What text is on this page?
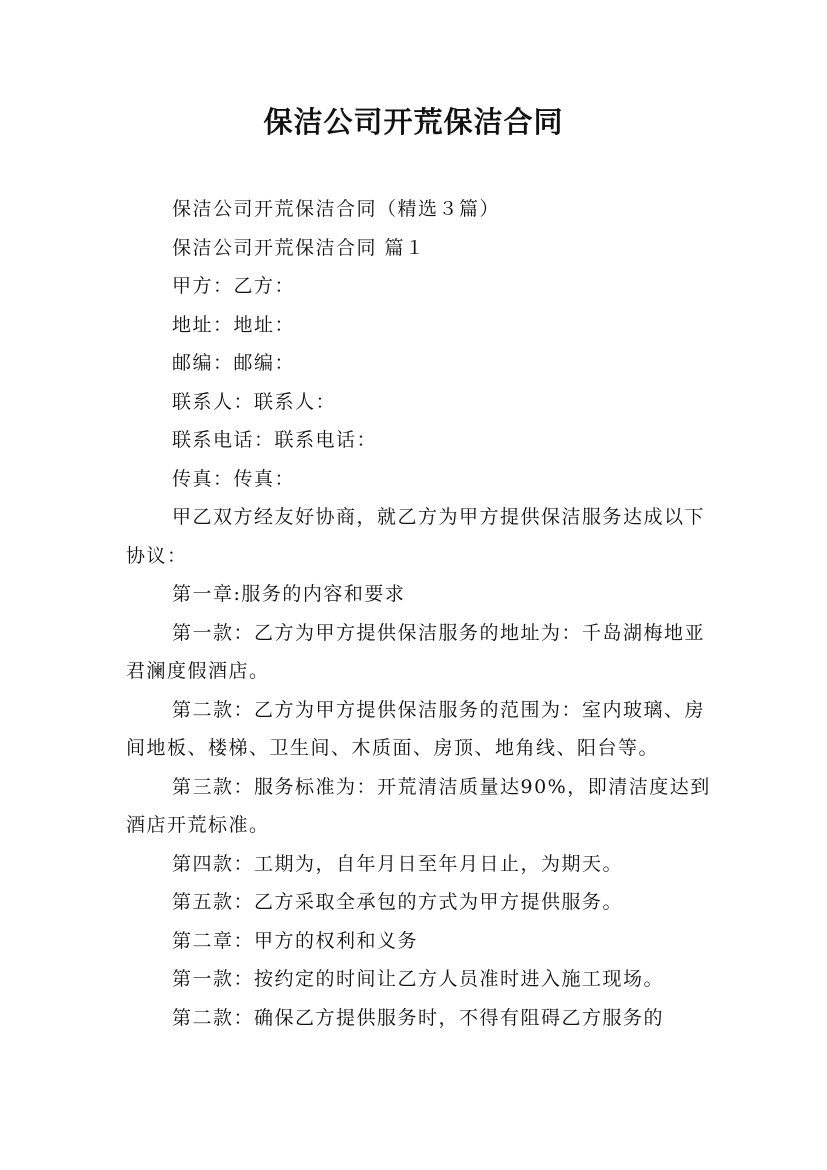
保洁公司开荒保洁合同

保洁公司开荒保洁合同（精选３篇）

保洁公司开荒保洁合同 篇１

甲方：乙方：

地址：地址：

邮编：邮编：

联系人：联系人：

联系电话：联系电话：

传真：传真：

甲乙双方经友好协商，就乙方为甲方提供保洁服务达成以下协议：

第一章:服务的内容和要求

第一款：乙方为甲方提供保洁服务的地址为：千岛湖梅地亚君澜度假酒店。

第二款：乙方为甲方提供保洁服务的范围为：室内玻璃、房间地板、楼梯、卫生间、木质面、房顶、地角线、阳台等。

第三款：服务标准为：开荒清洁质量达90%，即清洁度达到酒店开荒标准。

第四款：工期为，自年月日至年月日止，为期天。

第五款：乙方采取全承包的方式为甲方提供服务。

第二章：甲方的权利和义务

第一款：按约定的时间让乙方人员准时进入施工现场。

第二款：确保乙方提供服务时，不得有阻碍乙方服务的
